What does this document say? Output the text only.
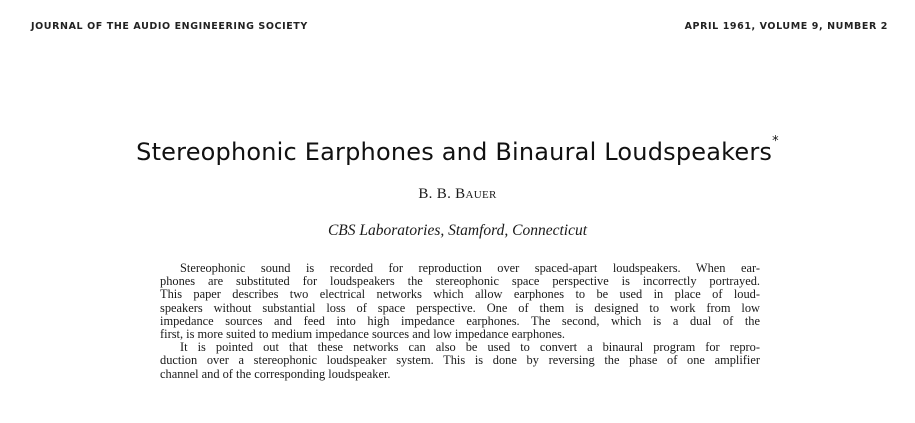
JOURNAL OF THE AUDIO ENGINEERING SOCIETY	APRIL 1961, VOLUME 9, NUMBER 2
Stereophonic Earphones and Binaural Loudspeakers*
B. B. Bauer
CBS Laboratories, Stamford, Connecticut
Stereophonic sound is recorded for reproduction over spaced-apart loudspeakers. When ear-
phones are substituted for loudspeakers the stereophonic space perspective is incorrectly portrayed.
This paper describes two electrical networks which allow earphones to be used in place of loud-
speakers without substantial loss of space perspective. One of them is designed to work from low
impedance sources and feed into high impedance earphones. The second, which is a dual of the
first, is more suited to medium impedance sources and low impedance earphones.
It is pointed out that these networks can also be used to convert a binaural program for repro-
duction over a stereophonic loudspeaker system. This is done by reversing the phase of one amplifier
channel and of the corresponding loudspeaker.
